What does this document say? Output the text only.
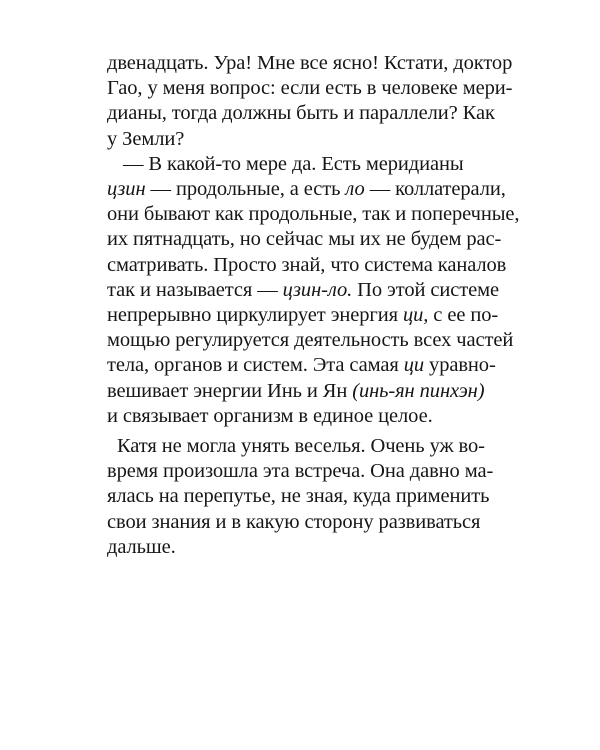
двенадцать. Ура! Мне все ясно! Кстати, доктор
Гао, у меня вопрос: если есть в человеке мери-
дианы, тогда должны быть и параллели? Как
у Земли?
— В какой-то мере да. Есть меридианы
цзин — продольные, а есть ло — коллатерали,
они бывают как продольные, так и поперечные,
их пятнадцать, но сейчас мы их не будем рас-
сматривать. Просто знай, что система каналов
так и называется — цзин-ло. По этой системе
непрерывно циркулирует энергия ци, с ее по-
мощью регулируется деятельность всех частей
тела, органов и систем. Эта самая ци уравно-
вешивает энергии Инь и Ян (инь-ян пинхэн)
и связывает организм в единое целое.
Катя не могла унять веселья. Очень уж во-
время произошла эта встреча. Она давно ма-
ялась на перепутье, не зная, куда применить
свои знания и в какую сторону развиваться
дальше.
